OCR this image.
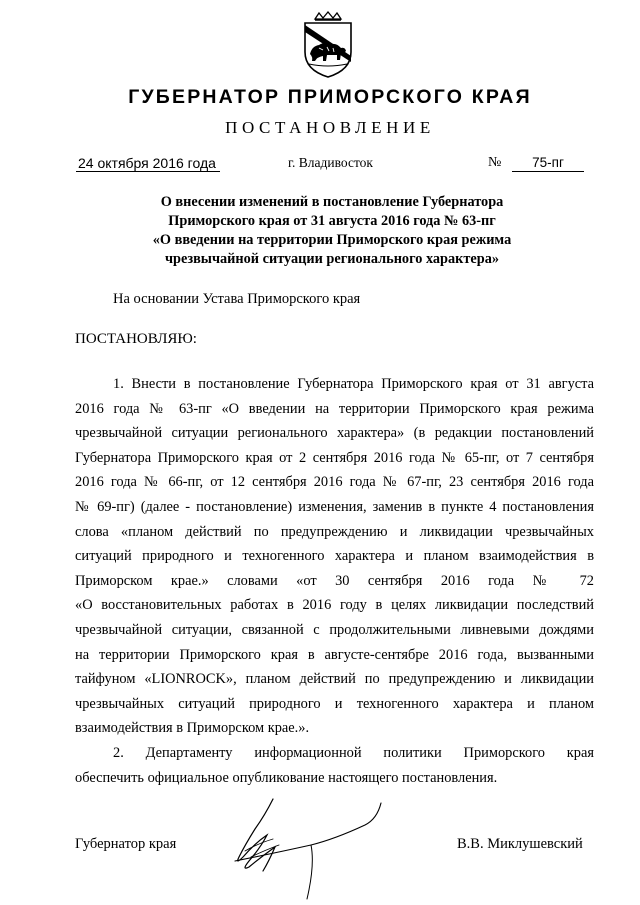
ГУБЕРНАТОР ПРИМОРСКОГО КРАЯ
ПОСТАНОВЛЕНИЕ
24 октября 2016 года	г. Владивосток	№	75-пг
О внесении изменений в постановление Губернатора
Приморского края от 31 августа 2016 года № 63-пг
«О введении на территории Приморского края режима
чрезвычайной ситуации регионального характера»
На основании Устава Приморского края
ПОСТАНОВЛЯЮ:
1. Внести в постановление Губернатора Приморского края от 31 августа
2016 года № 63-пг «О введении на территории Приморского края режима
чрезвычайной ситуации регионального характера» (в редакции постановлений
Губернатора Приморского края от 2 сентября 2016 года № 65-пг, от 7 сентября
2016 года № 66-пг, от 12 сентября 2016 года № 67-пг, 23 сентября 2016 года
№ 69-пг) (далее - постановление) изменения, заменив в пункте 4 постановления
слова «планом действий по предупреждению и ликвидации чрезвычайных
ситуаций природного и техногенного характера и планом взаимодействия в
Приморском крае.» словами «от 30 сентября 2016 года № 72
«О восстановительных работах в 2016 году в целях ликвидации последствий
чрезвычайной ситуации, связанной с продолжительными ливневыми дождями
на территории Приморского края в августе-сентябре 2016 года, вызванными
тайфуном «LIONROCK», планом действий по предупреждению и ликвидации
чрезвычайных ситуаций природного и техногенного характера и планом
взаимодействия в Приморском крае.».
2. Департаменту информационной политики Приморского края
обеспечить официальное опубликование настоящего постановления.
Губернатор края	В.В. Миклушевский
